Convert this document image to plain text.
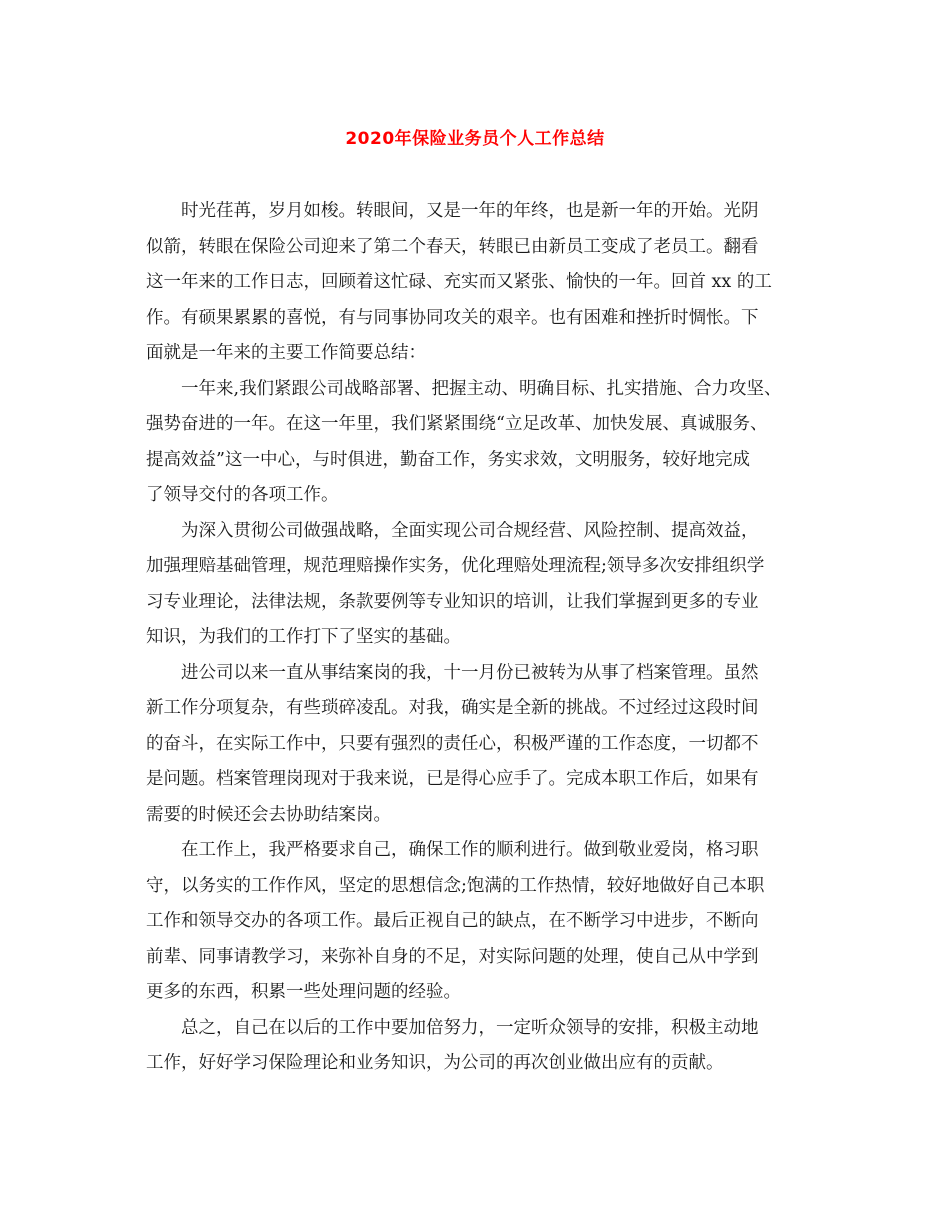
2020年保险业务员个人工作总结
时光荏苒，岁月如梭。转眼间，又是一年的年终，也是新一年的开始。光阴
似箭，转眼在保险公司迎来了第二个春天，转眼已由新员工变成了老员工。翻看
这一年来的工作日志，回顾着这忙碌、充实而又紧张、愉快的一年。回首 xx 的工
作。有硕果累累的喜悦，有与同事协同攻关的艰辛。也有困难和挫折时惆怅。下
面就是一年来的主要工作简要总结：
一年来,我们紧跟公司战略部署、把握主动、明确目标、扎实措施、合力攻坚、
强势奋进的一年。在这一年里，我们紧紧围绕“立足改革、加快发展、真诚服务、
提高效益”这一中心，与时俱进，勤奋工作，务实求效，文明服务，较好地完成
了领导交付的各项工作。
为深入贯彻公司做强战略，全面实现公司合规经营、风险控制、提高效益，
加强理赔基础管理，规范理赔操作实务，优化理赔处理流程;领导多次安排组织学
习专业理论，法律法规，条款要例等专业知识的培训，让我们掌握到更多的专业
知识，为我们的工作打下了坚实的基础。
进公司以来一直从事结案岗的我，十一月份已被转为从事了档案管理。虽然
新工作分项复杂，有些琐碎凌乱。对我，确实是全新的挑战。不过经过这段时间
的奋斗，在实际工作中，只要有强烈的责任心，积极严谨的工作态度，一切都不
是问题。档案管理岗现对于我来说，已是得心应手了。完成本职工作后，如果有
需要的时候还会去协助结案岗。
在工作上，我严格要求自己，确保工作的顺利进行。做到敬业爱岗，格习职
守，以务实的工作作风，坚定的思想信念;饱满的工作热情，较好地做好自己本职
工作和领导交办的各项工作。最后正视自己的缺点，在不断学习中进步，不断向
前辈、同事请教学习，来弥补自身的不足，对实际问题的处理，使自己从中学到
更多的东西，积累一些处理问题的经验。
总之，自己在以后的工作中要加倍努力，一定听众领导的安排，积极主动地
工作，好好学习保险理论和业务知识，为公司的再次创业做出应有的贡献。
